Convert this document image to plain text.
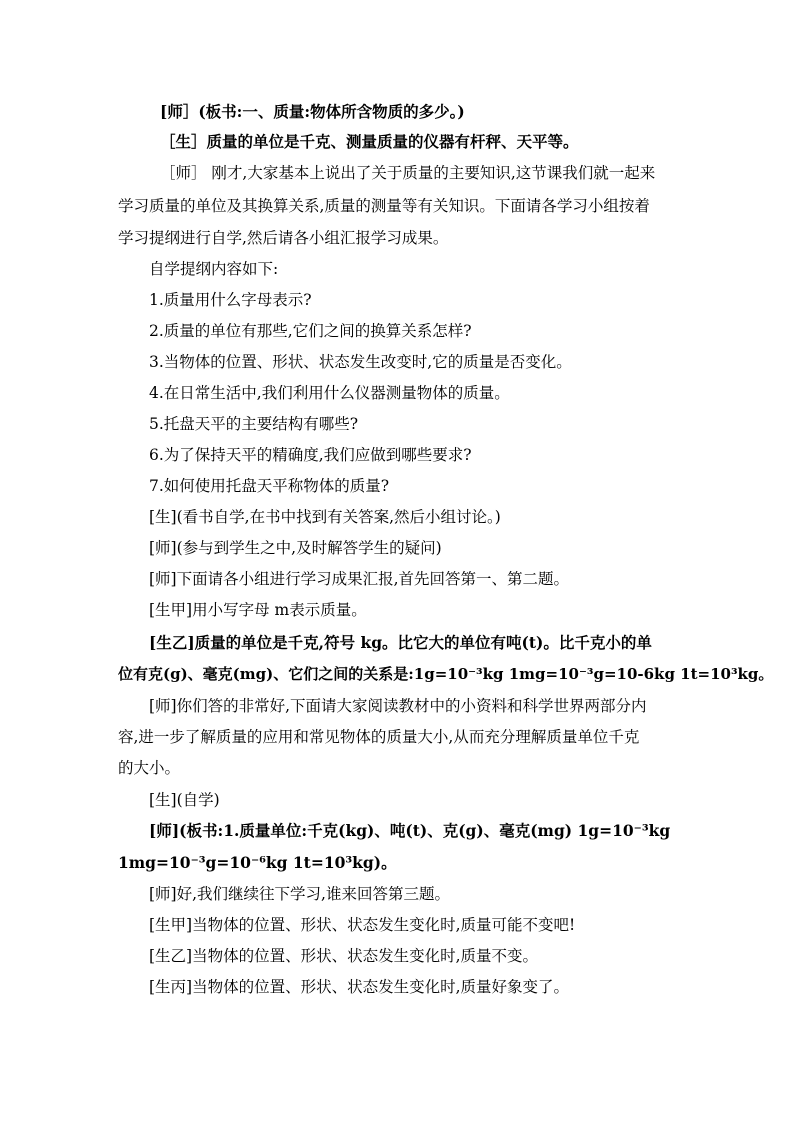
[师］(板书:一、质量:物体所含物质的多少。)
［生］质量的单位是千克、测量质量的仪器有杆秤、天平等。
［师］ 刚才,大家基本上说出了关于质量的主要知识,这节课我们就一起来
学习质量的单位及其换算关系,质量的测量等有关知识。下面请各学习小组按着
学习提纲进行自学,然后请各小组汇报学习成果。
自学提纲内容如下:
1.质量用什么字母表示?
2.质量的单位有那些,它们之间的换算关系怎样?
3.当物体的位置、形状、状态发生改变时,它的质量是否变化。
4.在日常生活中,我们利用什么仪器测量物体的质量。
5.托盘天平的主要结构有哪些?
6.为了保持天平的精确度,我们应做到哪些要求?
7.如何使用托盘天平称物体的质量?
[生](看书自学,在书中找到有关答案,然后小组讨论。)
[师](参与到学生之中,及时解答学生的疑问)
[师]下面请各小组进行学习成果汇报,首先回答第一、第二题。
[生甲]用小写字母 m表示质量。
[生乙]质量的单位是千克,符号 kg。比它大的单位有吨(t)。比千克小的单
位有克(g)、毫克(mg)、它们之间的关系是:1g=10⁻³kg 1mg=10⁻³g=10-6kg 1t=10³kg。
[师]你们答的非常好,下面请大家阅读教材中的小资料和科学世界两部分内
容,进一步了解质量的应用和常见物体的质量大小,从而充分理解质量单位千克
的大小。
[生](自学)
[师](板书:1.质量单位:千克(kg)、吨(t)、克(g)、毫克(mg) 1g=10⁻³kg
1mg=10⁻³g=10⁻⁶kg 1t=10³kg)。
[师]好,我们继续往下学习,谁来回答第三题。
[生甲]当物体的位置、形状、状态发生变化时,质量可能不变吧!
[生乙]当物体的位置、形状、状态发生变化时,质量不变。
[生丙]当物体的位置、形状、状态发生变化时,质量好象变了。
